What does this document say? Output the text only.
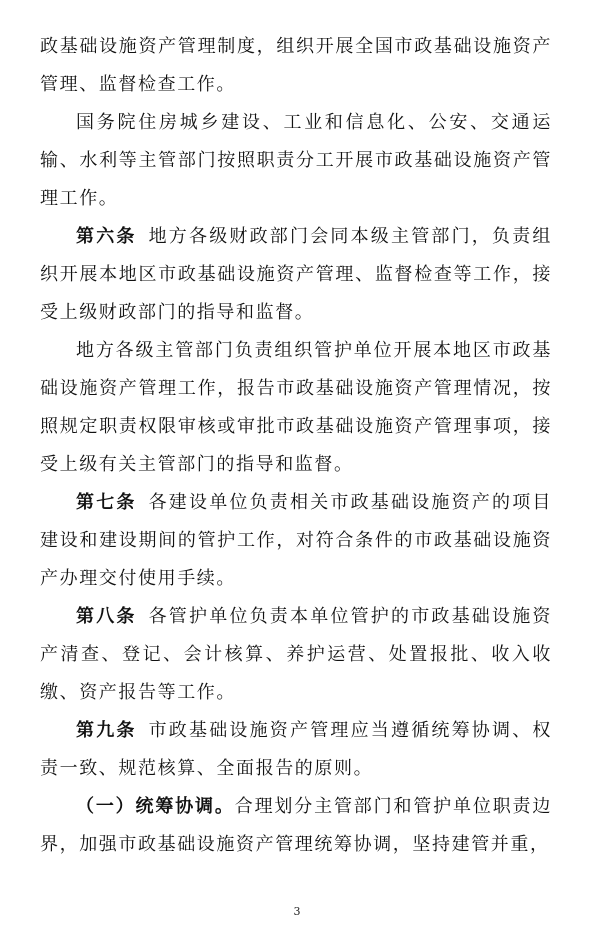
政基础设施资产管理制度，组织开展全国市政基础设施资产管理、监督检查工作。

国务院住房城乡建设、工业和信息化、公安、交通运输、水利等主管部门按照职责分工开展市政基础设施资产管理工作。

第六条 地方各级财政部门会同本级主管部门，负责组织开展本地区市政基础设施资产管理、监督检查等工作，接受上级财政部门的指导和监督。

地方各级主管部门负责组织管护单位开展本地区市政基础设施资产管理工作，报告市政基础设施资产管理情况，按照规定职责权限审核或审批市政基础设施资产管理事项，接受上级有关主管部门的指导和监督。

第七条 各建设单位负责相关市政基础设施资产的项目建设和建设期间的管护工作，对符合条件的市政基础设施资产办理交付使用手续。

第八条 各管护单位负责本单位管护的市政基础设施资产清查、登记、会计核算、养护运营、处置报批、收入收缴、资产报告等工作。

第九条 市政基础设施资产管理应当遵循统筹协调、权责一致、规范核算、全面报告的原则。

（一）统筹协调。合理划分主管部门和管护单位职责边界，加强市政基础设施资产管理统筹协调，坚持建管并重，

3
